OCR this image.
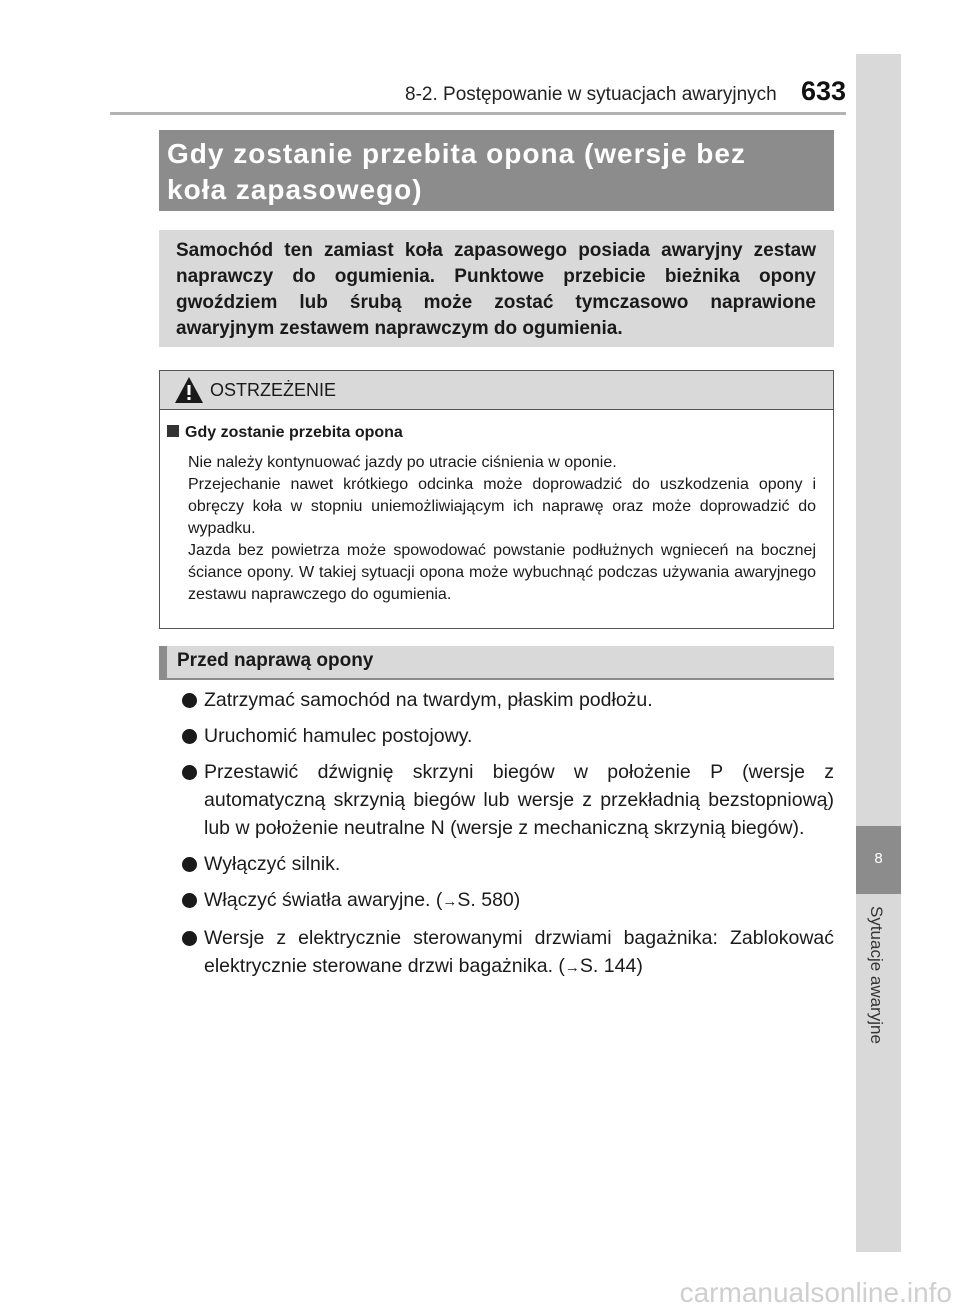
8-2. Postępowanie w sytuacjach awaryjnych 633
8
Sytuacje awaryjne
Gdy zostanie przebita opona (wersje bez koła zapasowego)
Samochód ten zamiast koła zapasowego posiada awaryjny zestaw naprawczy do ogumienia. Punktowe przebicie bieżnika opony gwoździem lub śrubą może zostać tymczasowo naprawione awaryjnym zestawem naprawczym do ogumienia.
OSTRZEŻENIE
Gdy zostanie przebita opona
Nie należy kontynuować jazdy po utracie ciśnienia w oponie.
Przejechanie nawet krótkiego odcinka może doprowadzić do uszkodzenia opony i obręczy koła w stopniu uniemożliwiającym ich naprawę oraz może doprowadzić do wypadku.
Jazda bez powietrza może spowodować powstanie podłużnych wgnieceń na bocznej ściance opony. W takiej sytuacji opona może wybuchnąć podczas używania awaryjnego zestawu naprawczego do ogumienia.
Przed naprawą opony
Zatrzymać samochód na twardym, płaskim podłożu.
Uruchomić hamulec postojowy.
Przestawić dźwignię skrzyni biegów w położenie P (wersje z automatyczną skrzynią biegów lub wersje z przekładnią bezstopniową) lub w położenie neutralne N (wersje z mechaniczną skrzynią biegów).
Wyłączyć silnik.
Włączyć światła awaryjne. (→S. 580)
Wersje z elektrycznie sterowanymi drzwiami bagażnika: Zablokować elektrycznie sterowane drzwi bagażnika. (→S. 144)
carmanualsonline.info
